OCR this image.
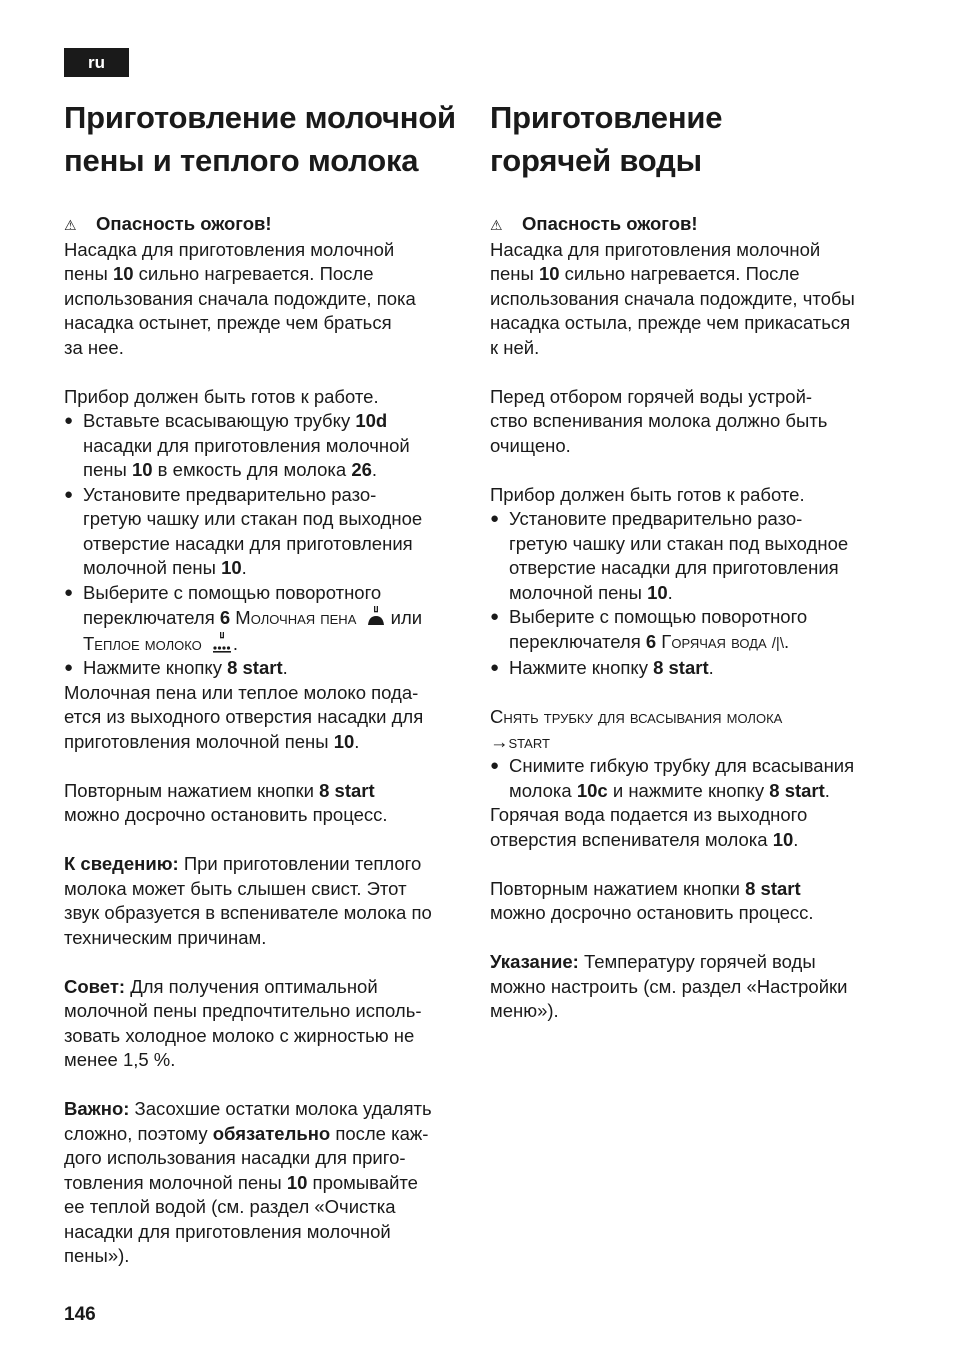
ru
Приготовление молочной
пены и теплого молока

⚠ Опасность ожогов!

Насадка для приготовления молочной
пены 10 сильно нагревается. После
использования сначала подождите, пока
насадка остынет, прежде чем браться
за нее.

Прибор должен быть готов к работе.

● Вставьте всасывающую трубку 10d
насадки для приготовления молочной
пены 10 в емкость для молока 26.
● Установите предварительно разо-
гретую чашку или стакан под выходное
отверстие насадки для приготовления
молочной пены 10.
● Выберите с помощью поворотного
переключателя 6 Молочная пена  или
Теплое молоко .
● Нажмите кнопку 8 start.

Молочная пена или теплое молоко пода-
ется из выходного отверстия насадки для
приготовления молочной пены 10.

Повторным нажатием кнопки 8 start
можно досрочно остановить процесс.

К сведению: При приготовлении теплого
молока может быть слышен свист. Этот
звук образуется в вспенивателе молока по
техническим причинам.

Совет: Для получения оптимальной
молочной пены предпочтительно исполь-
зовать холодное молоко с жирностью не
менее 1,5 %.

Важно: Засохшие остатки молока удалять
сложно, поэтому обязательно после каж-
дого использования насадки для приго-
товления молочной пены 10 промывайте
ее теплой водой (см. раздел «Очистка
насадки для приготовления молочной
пены»).

Приготовление
горячей воды

⚠ Опасность ожогов!

Насадка для приготовления молочной
пены 10 сильно нагревается. После
использования сначала подождите, чтобы
насадка остыла, прежде чем прикасаться
к ней.

Перед отбором горячей воды устрой-
ство вспенивания молока должно быть
очищено.

Прибор должен быть готов к работе.

● Установите предварительно разо-
гретую чашку или стакан под выходное
отверстие насадки для приготовления
молочной пены 10.
● Выберите с помощью поворотного
переключателя 6 Горячая вода /|\.
● Нажмите кнопку 8 start.

Снять трубку для всасывания молока
→start

● Снимите гибкую трубку для всасывания
молока 10c и нажмите кнопку 8 start.

Горячая вода подается из выходного
отверстия вспенивателя молока 10.

Повторным нажатием кнопки 8 start
можно досрочно остановить процесс.

Указание: Температуру горячей воды
можно настроить (см. раздел «Настройки
меню»).

146
